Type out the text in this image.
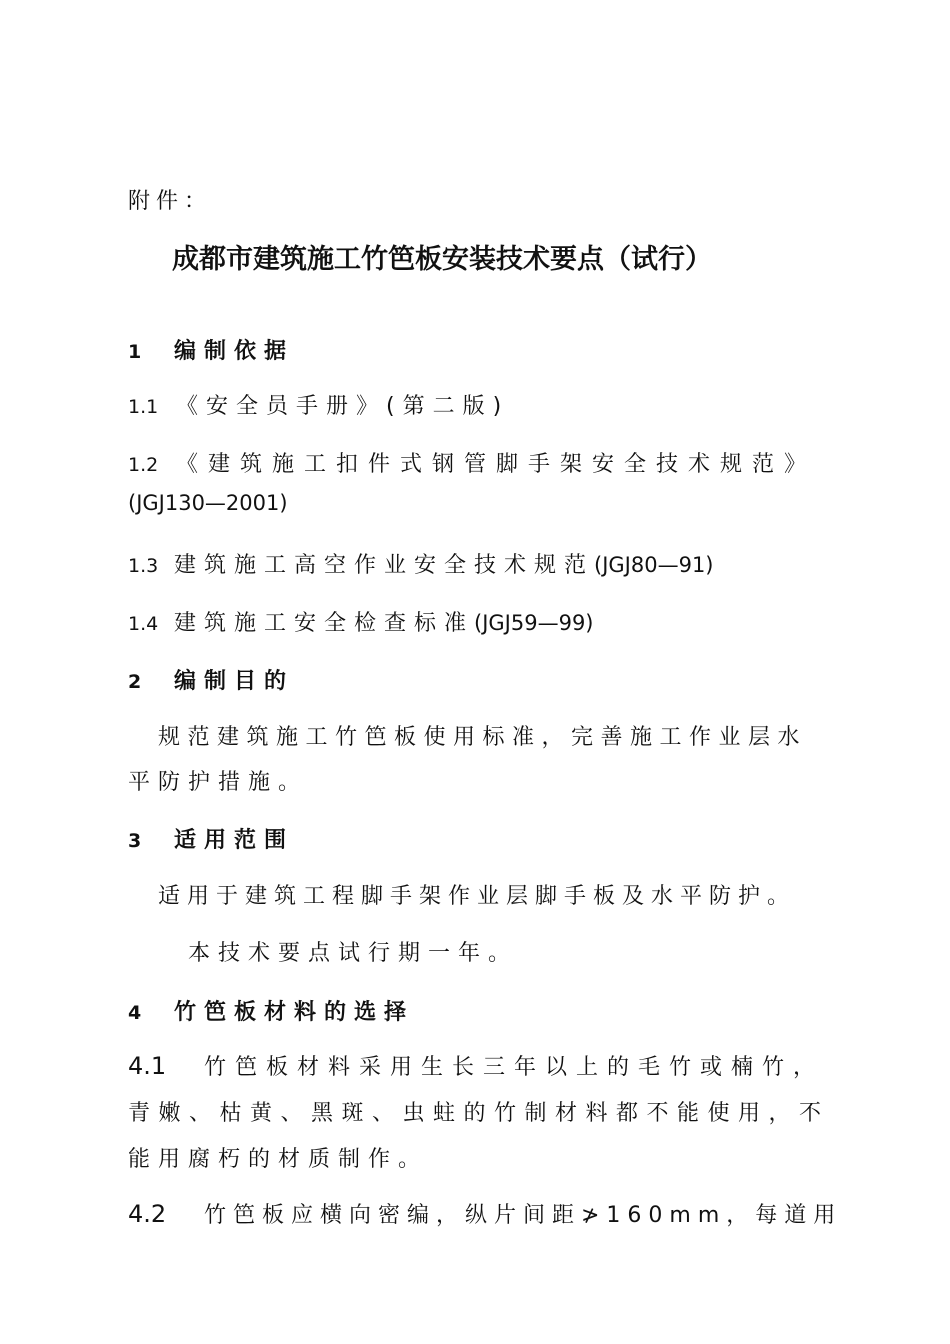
附件：
成都市建筑施工竹笆板安装技术要点（试行）
1 编制依据
1.1 《安全员手册》(第二版)
1.2 《建筑施工扣件式钢管脚手架安全技术规范》
(JGJ130—2001)
1.3 建筑施工高空作业安全技术规范(JGJ80—91)
1.4 建筑施工安全检查标准(JGJ59—99)
2 编制目的
规范建筑施工竹笆板使用标准，完善施工作业层水
平防护措施。
3 适用范围
适用于建筑工程脚手架作业层脚手板及水平防护。
本技术要点试行期一年。
4 竹笆板材料的选择
4.1 竹笆板材料采用生长三年以上的毛竹或楠竹，
青嫩、枯黄、黑斑、虫蛀的竹制材料都不能使用，不
能用腐朽的材质制作。
4.2 竹笆板应横向密编，纵片间距≯160mm，每道用
